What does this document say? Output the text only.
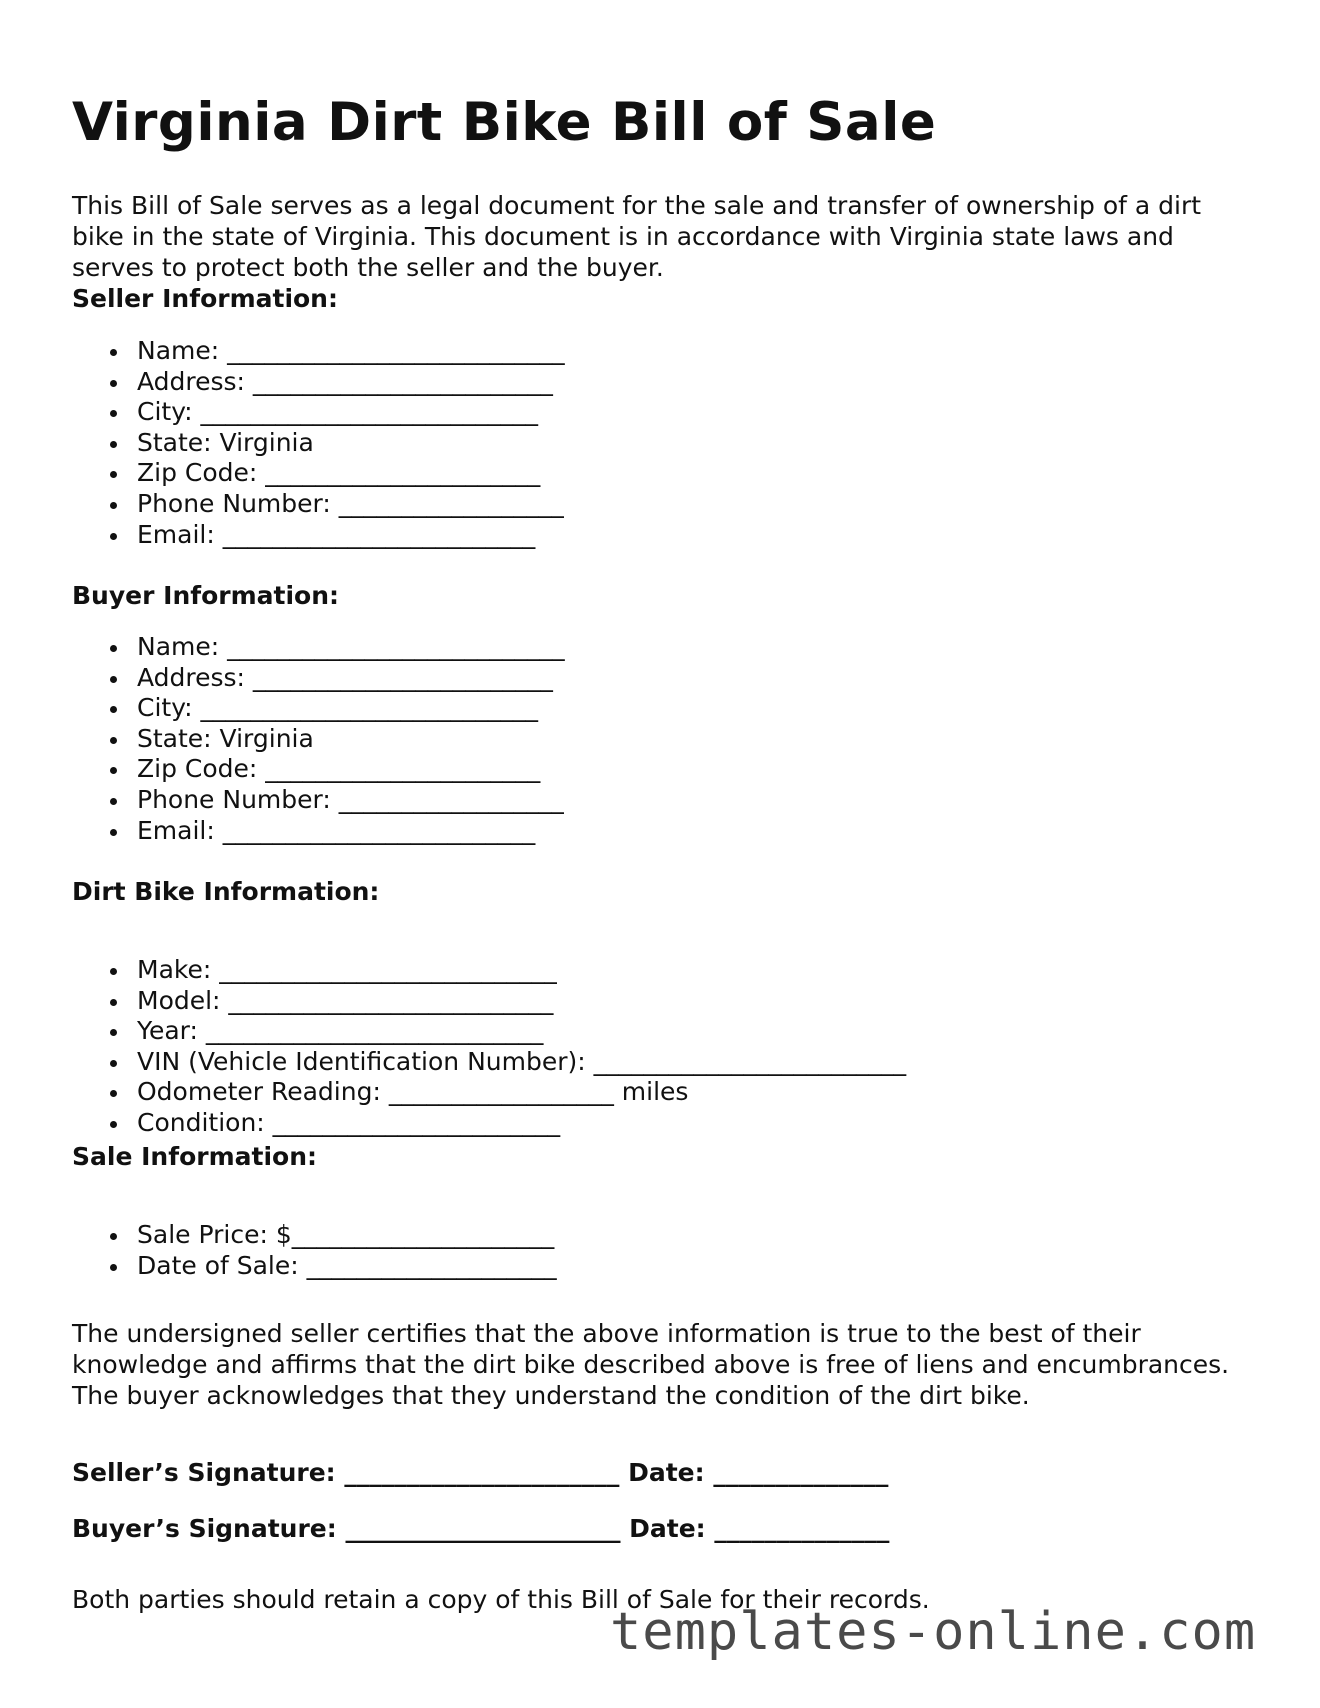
Virginia Dirt Bike Bill of Sale

This Bill of Sale serves as a legal document for the sale and transfer of ownership of a dirt bike in the state of Virginia. This document is in accordance with Virginia state laws and serves to protect both the seller and the buyer.

Seller Information:
Name: ___________________________
Address: ________________________
City: ___________________________
State: Virginia
Zip Code: ______________________
Phone Number: __________________
Email: _________________________
Buyer Information:
Name: ___________________________
Address: ________________________
City: ___________________________
State: Virginia
Zip Code: ______________________
Phone Number: __________________
Email: _________________________
Dirt Bike Information:
Make: ___________________________
Model: __________________________
Year: ___________________________
VIN (Vehicle Identification Number): _________________________
Odometer Reading: __________________ miles
Condition: _______________________
Sale Information:
Sale Price: $_____________________
Date of Sale: ____________________

The undersigned seller certifies that the above information is true to the best of their knowledge and affirms that the dirt bike described above is free of liens and encumbrances. The buyer acknowledges that they understand the condition of the dirt bike.

Seller’s Signature: ______________________ Date: ______________
Buyer’s Signature: ______________________ Date: ______________

Both parties should retain a copy of this Bill of Sale for their records.

templates-online.com
